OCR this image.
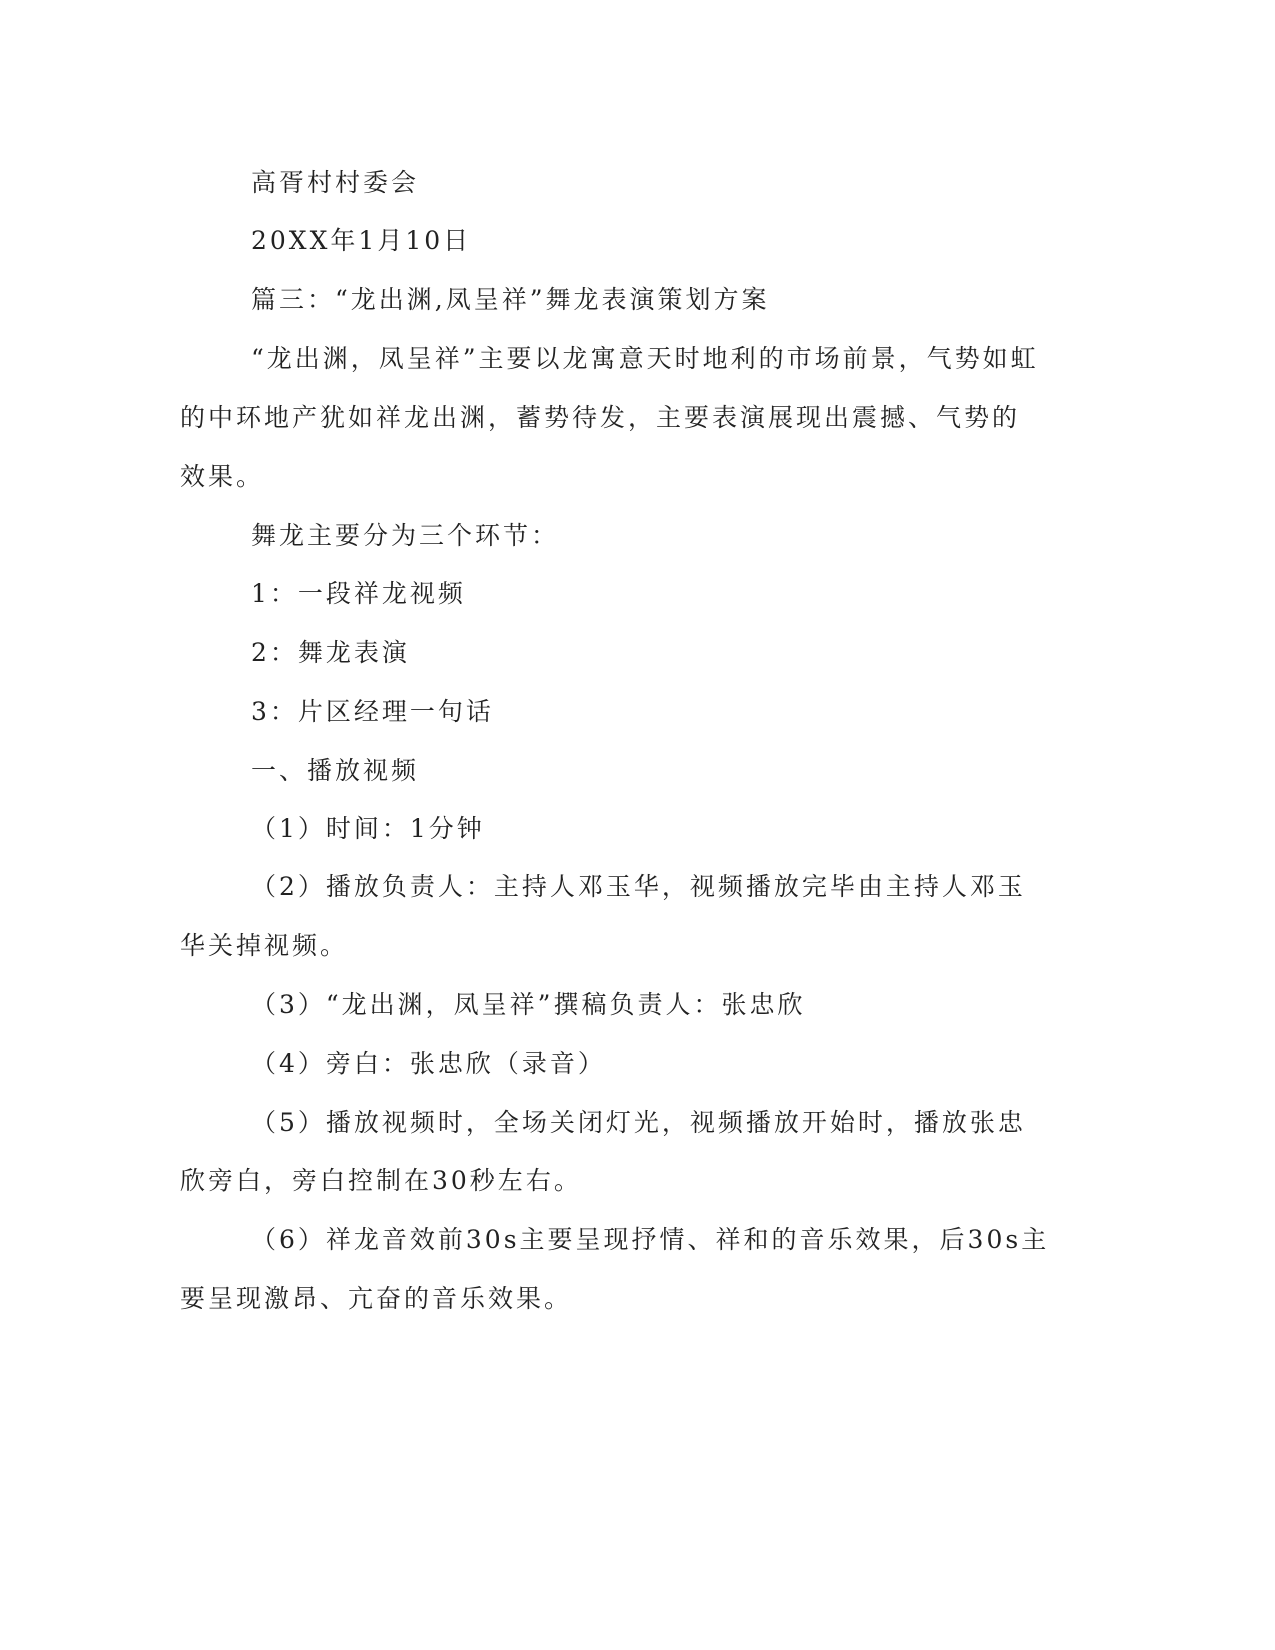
高胥村村委会
20XX年1月10日
篇三：“龙出渊,凤呈祥”舞龙表演策划方案
“龙出渊，凤呈祥”主要以龙寓意天时地利的市场前景，气势如虹
的中环地产犹如祥龙出渊，蓄势待发，主要表演展现出震撼、气势的
效果。
舞龙主要分为三个环节：
1：一段祥龙视频
2：舞龙表演
3：片区经理一句话
一、播放视频
（1）时间：1分钟
（2）播放负责人：主持人邓玉华，视频播放完毕由主持人邓玉
华关掉视频。
（3）“龙出渊，凤呈祥”撰稿负责人：张忠欣
（4）旁白：张忠欣（录音）
（5）播放视频时，全场关闭灯光，视频播放开始时，播放张忠
欣旁白，旁白控制在30秒左右。
（6）祥龙音效前30s主要呈现抒情、祥和的音乐效果，后30s主
要呈现激昂、亢奋的音乐效果。
